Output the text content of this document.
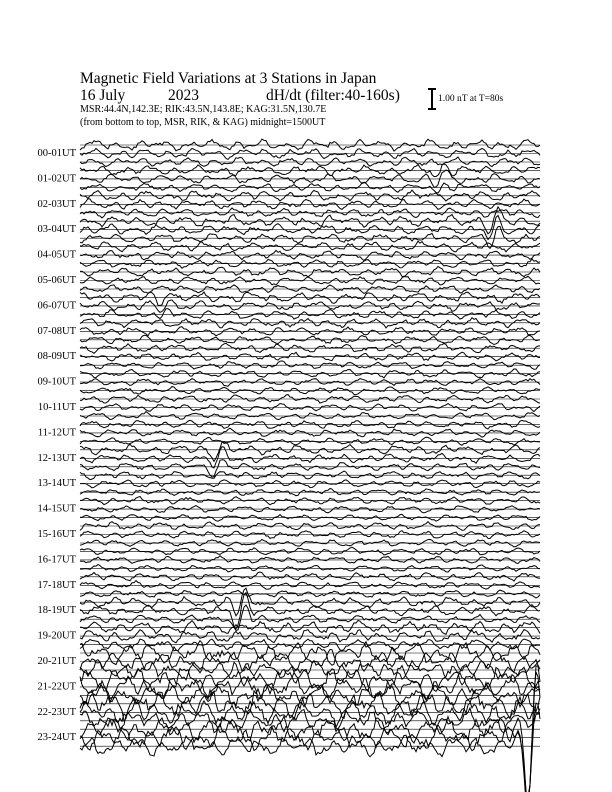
Magnetic Field Variations at 3 Stations in Japan
16 July	2023	dH/dt (filter:40-160s)
MSR:44.4N,142.3E; RIK:43.5N,143.8E; KAG:31.5N,130.7E
(from bottom to top, MSR, RIK, & KAG) midnight=1500UT
1.00 nT at T=80s
00-01UT
01-02UT
02-03UT
03-04UT
04-05UT
05-06UT
06-07UT
07-08UT
08-09UT
09-10UT
10-11UT
11-12UT
12-13UT
13-14UT
14-15UT
15-16UT
16-17UT
17-18UT
18-19UT
19-20UT
20-21UT
21-22UT
22-23UT
23-24UT
